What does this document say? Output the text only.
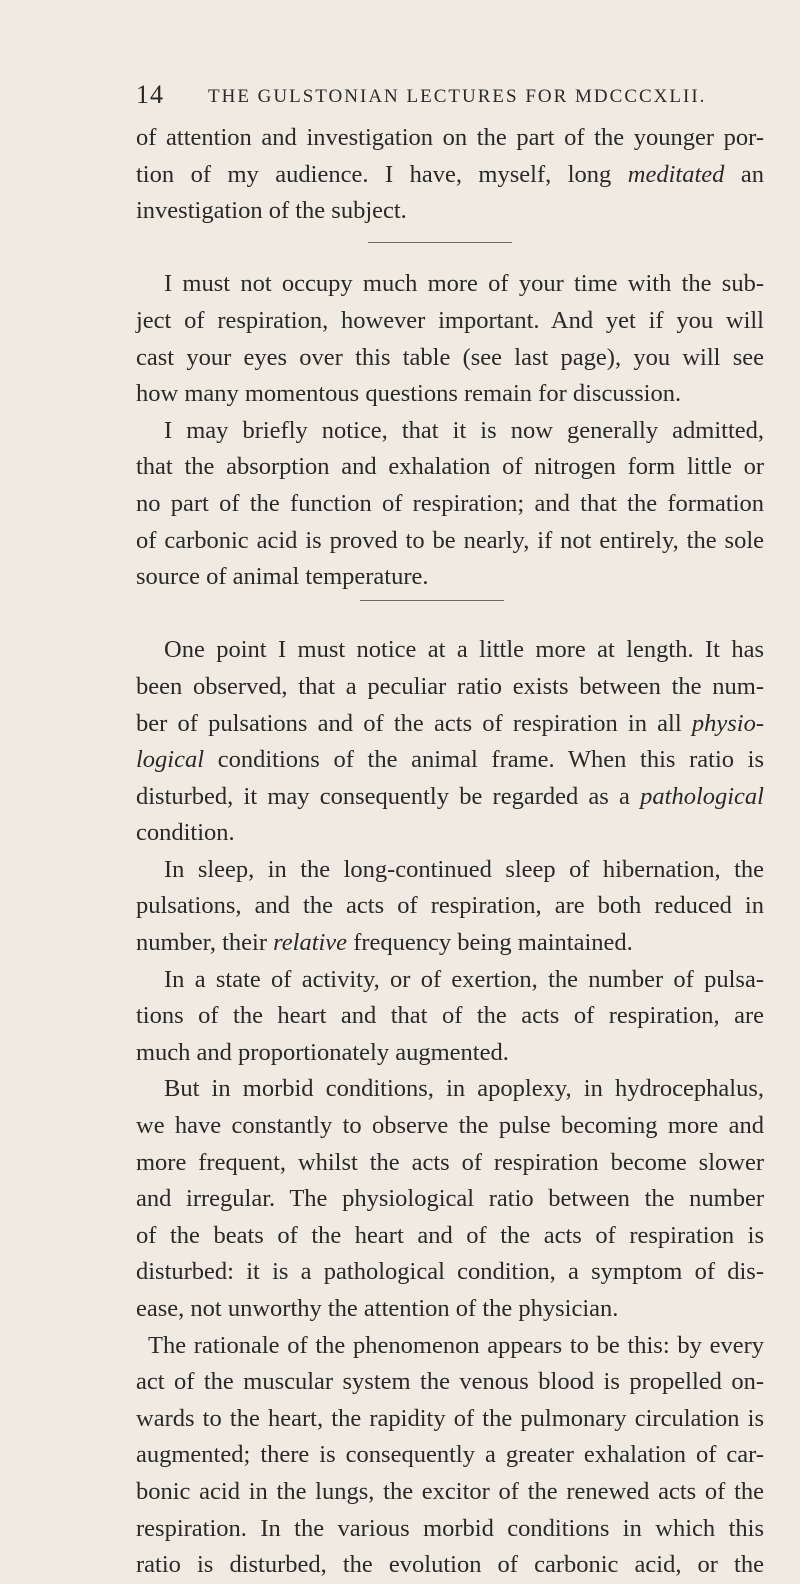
14 THE GULSTONIAN LECTURES FOR MDCCCXLII.
of attention and investigation on the part of the younger por-
tion of my audience. I have, myself, long meditated an
investigation of the subject.
I must not occupy much more of your time with the sub-
ject of respiration, however important. And yet if you will
cast your eyes over this table (see last page), you will see
how many momentous questions remain for discussion.
I may briefly notice, that it is now generally admitted,
that the absorption and exhalation of nitrogen form little or
no part of the function of respiration; and that the formation
of carbonic acid is proved to be nearly, if not entirely, the sole
source of animal temperature.
One point I must notice at a little more at length. It has
been observed, that a peculiar ratio exists between the num-
ber of pulsations and of the acts of respiration in all physio-
logical conditions of the animal frame. When this ratio is
disturbed, it may consequently be regarded as a pathological
condition.
In sleep, in the long-continued sleep of hibernation, the
pulsations, and the acts of respiration, are both reduced in
number, their relative frequency being maintained.
In a state of activity, or of exertion, the number of pulsa-
tions of the heart and that of the acts of respiration, are
much and proportionately augmented.
But in morbid conditions, in apoplexy, in hydrocephalus,
we have constantly to observe the pulse becoming more and
more frequent, whilst the acts of respiration become slower
and irregular. The physiological ratio between the number
of the beats of the heart and of the acts of respiration is
disturbed: it is a pathological condition, a symptom of dis-
ease, not unworthy the attention of the physician.
The rationale of the phenomenon appears to be this: by every
act of the muscular system the venous blood is propelled on-
wards to the heart, the rapidity of the pulmonary circulation is
augmented; there is consequently a greater exhalation of car-
bonic acid in the lungs, the excitor of the renewed acts of the
respiration. In the various morbid conditions in which this
ratio is disturbed, the evolution of carbonic acid, or the
